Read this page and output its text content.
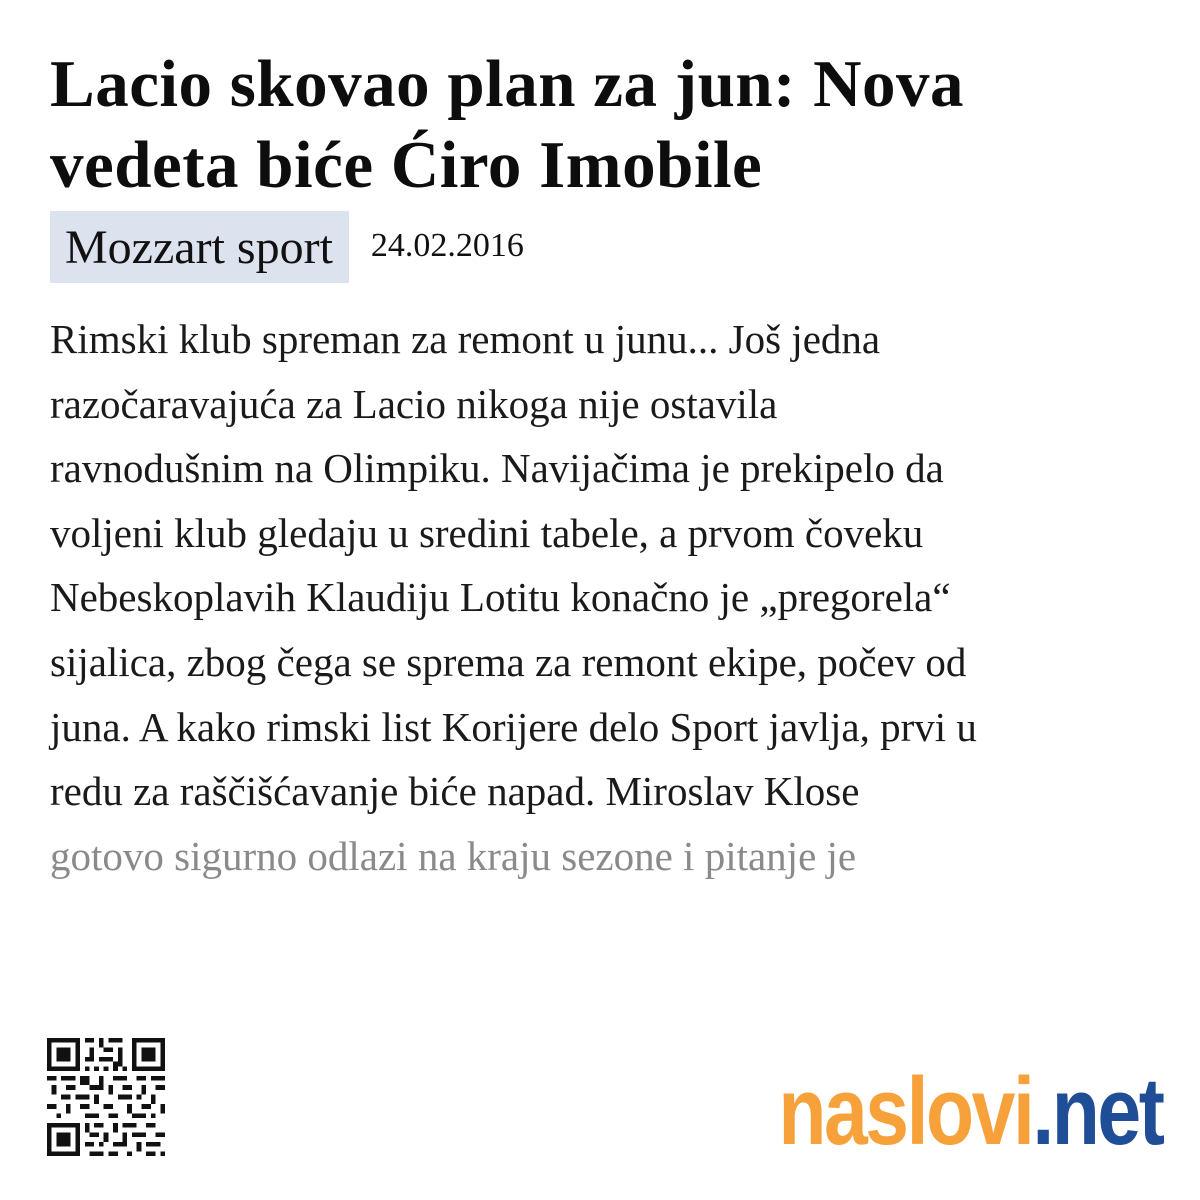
Lacio skovao plan za jun: Nova vedeta biće Ćiro Imobile
Mozzart sport	24.02.2016
Rimski klub spreman za remont u junu... Još jedna
razočaravajuća za Lacio nikoga nije ostavila
ravnodušnim na Olimpiku. Navijačima je prekipelo da
voljeni klub gledaju u sredini tabele, a prvom čoveku
Nebeskoplavih Klaudiju Lotitu konačno je „pregorela“
sijalica, zbog čega se sprema za remont ekipe, počev od
juna. A kako rimski list Korijere delo Sport javlja, prvi u
redu za raščišćavanje biće napad. Miroslav Klose
gotovo sigurno odlazi na kraju sezone i pitanje je
naslovi . net
